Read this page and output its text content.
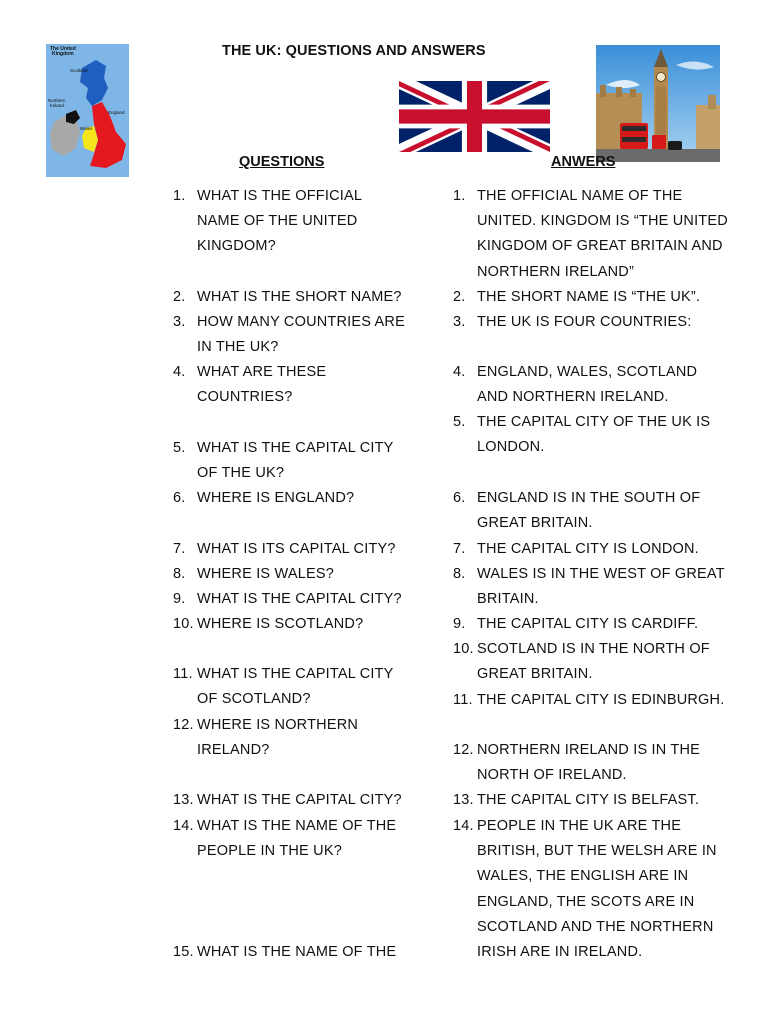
THE UK: QUESTIONS AND ANSWERS
The United Kingdom
Scotland
Northern Ireland
England
Wales
QUESTIONS	ANWERS
1. WHAT IS THE OFFICIAL
NAME OF THE UNITED
KINGDOM?
2. WHAT IS THE SHORT NAME?
3. HOW MANY COUNTRIES ARE
IN THE UK?
4. WHAT ARE THESE
COUNTRIES?
5. WHAT IS THE CAPITAL CITY
OF THE UK?
6. WHERE IS ENGLAND?
7. WHAT IS ITS CAPITAL CITY?
8. WHERE IS WALES?
9. WHAT IS THE CAPITAL CITY?
10. WHERE IS SCOTLAND?
11. WHAT IS THE CAPITAL CITY
OF SCOTLAND?
12. WHERE IS NORTHERN
IRELAND?
13. WHAT IS THE CAPITAL CITY?
14. WHAT IS THE NAME OF THE
PEOPLE IN THE UK?
15. WHAT IS THE NAME OF THE
1. THE OFFICIAL NAME OF THE
UNITED. KINGDOM IS “THE UNITED
KINGDOM OF GREAT BRITAIN AND
NORTHERN IRELAND”
2. THE SHORT NAME IS “THE UK”.
3. THE UK IS FOUR COUNTRIES:
4. ENGLAND, WALES, SCOTLAND
AND NORTHERN IRELAND.
5. THE CAPITAL CITY OF THE UK IS
LONDON.
6. ENGLAND IS IN THE SOUTH OF
GREAT BRITAIN.
7. THE CAPITAL CITY IS LONDON.
8. WALES IS IN THE WEST OF GREAT
BRITAIN.
9. THE CAPITAL CITY IS CARDIFF.
10. SCOTLAND IS IN THE NORTH OF
GREAT BRITAIN.
11. THE CAPITAL CITY IS EDINBURGH.
12. NORTHERN IRELAND IS IN THE
NORTH OF IRELAND.
13. THE CAPITAL CITY IS BELFAST.
14. PEOPLE IN THE UK ARE THE
BRITISH, BUT THE WELSH ARE IN
WALES, THE ENGLISH ARE IN
ENGLAND, THE SCOTS ARE IN
SCOTLAND AND THE NORTHERN
IRISH ARE IN IRELAND.
